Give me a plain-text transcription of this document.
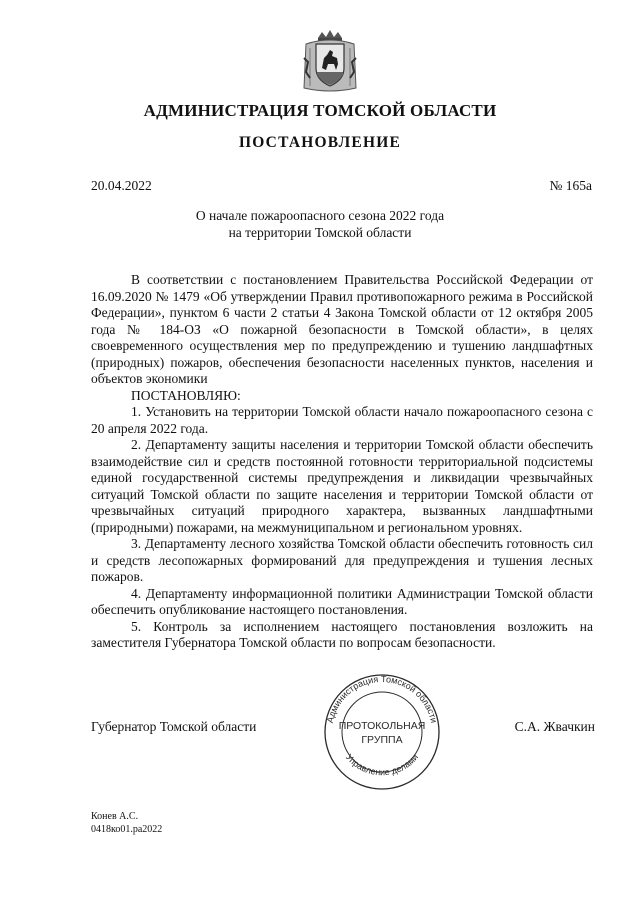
АДМИНИСТРАЦИЯ ТОМСКОЙ ОБЛАСТИ
ПОСТАНОВЛЕНИЕ
20.04.2022	№ 165а
О начале пожароопасного сезона 2022 года
на территории Томской области

В соответствии с постановлением Правительства Российской Федерации от 16.09.2020 № 1479 «Об утверждении Правил противопожарного режима в Российской Федерации», пунктом 6 части 2 статьи 4 Закона Томской области от 12 октября 2005 года № 184-ОЗ «О пожарной безопасности в Томской области», в целях своевременного осуществления мер по предупреждению и тушению ландшафтных (природных) пожаров, обеспечения безопасности населенных пунктов, населения и объектов экономики

ПОСТАНОВЛЯЮ:

1. Установить на территории Томской области начало пожароопасного сезона с 20 апреля 2022 года.

2. Департаменту защиты населения и территории Томской области обеспечить взаимодействие сил и средств постоянной готовности территориальной подсистемы единой государственной системы предупреждения и ликвидации чрезвычайных ситуаций Томской области по защите населения и территории Томской области от чрезвычайных ситуаций природного характера, вызванных ландшафтными (природными) пожарами, на межмуниципальном и региональном уровнях.

3. Департаменту лесного хозяйства Томской области обеспечить готовность сил и средств лесопожарных формирований для предупреждения и тушения лесных пожаров.

4. Департаменту информационной политики Администрации Томской области обеспечить опубликование настоящего постановления.

5. Контроль за исполнением настоящего постановления возложить на заместителя Губернатора Томской области по вопросам безопасности.

Губернатор Томской области	С.А. Жвачкин
Администрация Томской области
Управление делами
ПРОТОКОЛЬНАЯ
ГРУППА
Конев А.С.
0418ко01.ра2022
